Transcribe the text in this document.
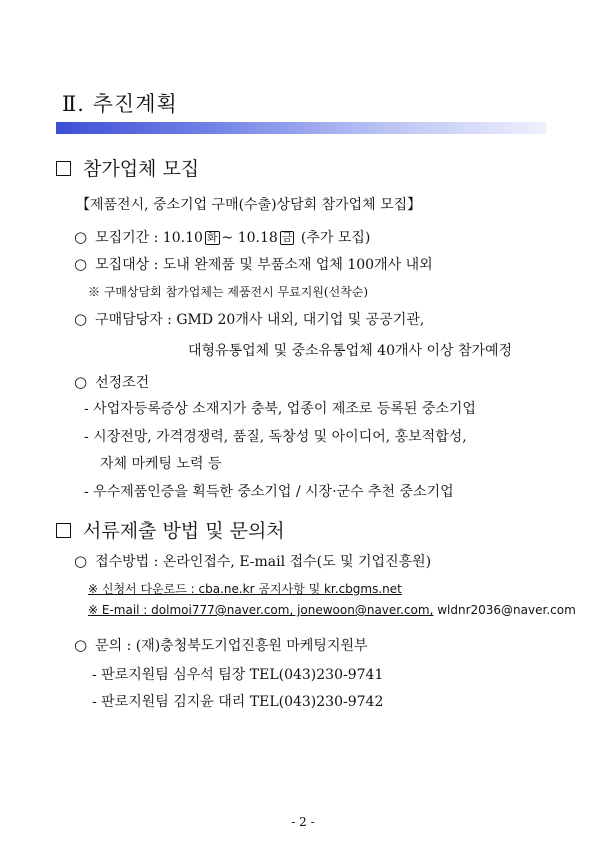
Ⅱ. 추진계획
참가업체 모집
【제품전시, 중소기업 구매(수출)상담회 참가업체 모집】
○ 모집기간 : 10.10 화 ~ 10.18 금 (추가 모집)
○ 모집대상 : 도내 완제품 및 부품소재 업체 100개사 내외
※ 구매상담회 참가업체는 제품전시 무료지원(선착순)
○ 구매담당자 : GMD 20개사 내외, 대기업 및 공공기관,
대형유통업체 및 중소유통업체 40개사 이상 참가예정
○ 선정조건
- 사업자등록증상 소재지가 충북, 업종이 제조로 등록된 중소기업
- 시장전망, 가격경쟁력, 품질, 독창성 및 아이디어, 홍보적합성,
자체 마케팅 노력 등
- 우수제품인증을 획득한 중소기업 / 시장·군수 추천 중소기업
서류제출 방법 및 문의처
○ 접수방법 : 온라인접수, E-mail 접수(도 및 기업진흥원)
※ 신청서 다운로드 : cba.ne.kr 공지사항 및 kr.cbgms.net
※ E-mail : dolmoi777@naver.com, jonewoon@naver.com, wldnr2036@naver.com
○ 문의 : (재)충청북도기업진흥원 마케팅지원부
- 판로지원팀 심우석 팀장 TEL(043)230-9741
- 판로지원팀 김지윤 대리 TEL(043)230-9742
- 2 -
